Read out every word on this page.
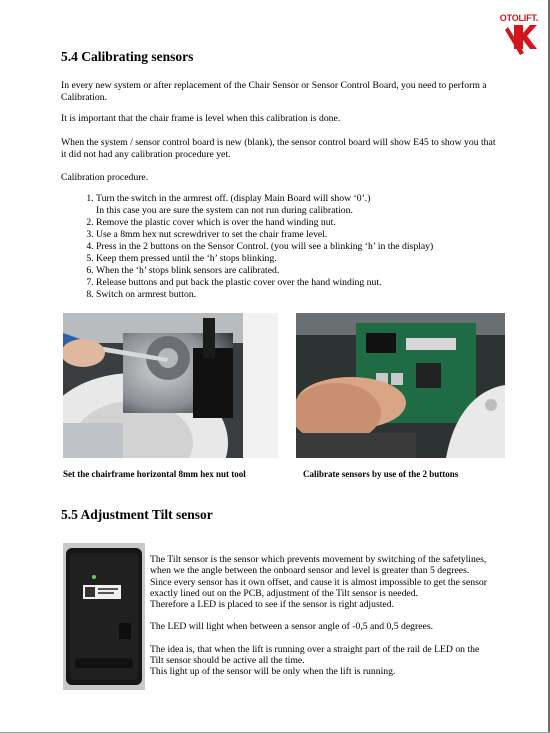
OTOLIFT.
5.4 Calibrating sensors

In every new system or after replacement of the Chair Sensor or Sensor Control Board, you need to perform a Calibration.

It is important that the chair frame is level when this calibration is done.

When the system / sensor control board is new (blank), the sensor control board will show E45 to show you that it did not had any calibration procedure yet.

Calibration procedure.

1. Turn the switch in the armrest off. (display Main Board will show ‘0’.)
In this case you are sure the system can not run during calibration.
2. Remove the plastic cover which is over the hand winding nut.
3. Use a 8mm hex nut screwdriver to set the chair frame level.
4. Press in the 2 buttons on the Sensor Control. (you will see a blinking ‘h’ in the display)
5. Keep them pressed until the ‘h’ stops blinking.
6. When the ‘h’ stops blink sensors are calibrated.
7. Release buttons and put back the plastic cover over the hand winding nut.
8. Switch on armrest button.
Set the chairframe horizontal 8mm hex nut tool	Calibrate sensors by use of the 2 buttons
5.5 Adjustment Tilt sensor
The Tilt sensor is the sensor which prevents movement by switching of the safetylines, when we the angle between the onboard sensor and level is greater than 5 degrees.
Since every sensor has it own offset, and cause it is almost impossible to get the sensor exactly lined out on the PCB, adjustment of the Tilt sensor is needed.
Therefore a LED is placed to see if the sensor is right adjusted.
The LED will light when between a sensor angle of -0,5 and 0,5 degrees.
The idea is, that when the lift is running over a straight part of the rail de LED on the Tilt sensor should be active all the time.
This light up of the sensor will be only when the lift is running.
